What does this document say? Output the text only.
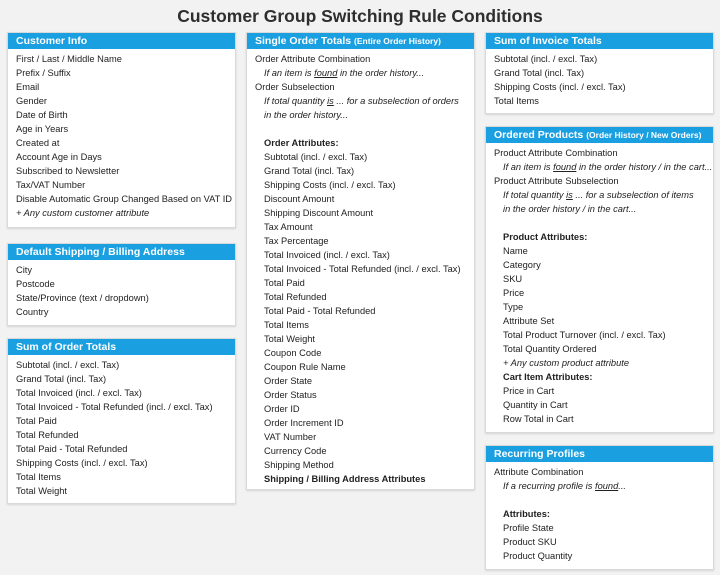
Customer Group Switching Rule Conditions
Customer Info
First / Last / Middle Name
Prefix / Suffix
Email
Gender
Date of Birth
Age in Years
Created at
Account Age in Days
Subscribed to Newsletter
Tax/VAT Number
Disable Automatic Group Changed Based on VAT ID
+ Any custom customer attribute
Default Shipping / Billing Address
City
Postcode
State/Province (text / dropdown)
Country
Sum of Order Totals
Subtotal (incl. / excl. Tax)
Grand Total (incl. Tax)
Total Invoiced (incl. / excl. Tax)
Total Invoiced - Total Refunded (incl. / excl. Tax)
Total Paid
Total Refunded
Total Paid - Total Refunded
Shipping Costs (incl. / excl. Tax)
Total Items
Total Weight
Single Order Totals (Entire Order History)
Order Attribute Combination
If an item is found in the order history...
Order Subselection
If total quantity is ... for a subselection of orders
in the order history...
Order Attributes:
Subtotal (incl. / excl. Tax)
Grand Total (incl. Tax)
Shipping Costs (incl. / excl. Tax)
Discount Amount
Shipping Discount Amount
Tax Amount
Tax Percentage
Total Invoiced (incl. / excl. Tax)
Total Invoiced - Total Refunded (incl. / excl. Tax)
Total Paid
Total Refunded
Total Paid - Total Refunded
Total Items
Total Weight
Coupon Code
Coupon Rule Name
Order State
Order Status
Order ID
Order Increment ID
VAT Number
Currency Code
Shipping Method
Shipping / Billing Address Attributes
Sum of Invoice Totals
Subtotal (incl. / excl. Tax)
Grand Total (incl. Tax)
Shipping Costs (incl. / excl. Tax)
Total Items
Ordered Products (Order History / New Orders)
Product Attribute Combination
If an item is found in the order history / in the cart...
Product Attribute Subselection
If total quantity is ... for a subselection of items
in the order history / in the cart...
Product Attributes:
Name
Category
SKU
Price
Type
Attribute Set
Total Product Turnover (incl. / excl. Tax)
Total Quantity Ordered
+ Any custom product attribute
Cart Item Attributes:
Price in Cart
Quantity in Cart
Row Total in Cart
Recurring Profiles
Attribute Combination
If a recurring profile is found...
Attributes:
Profile State
Product SKU
Product Quantity
